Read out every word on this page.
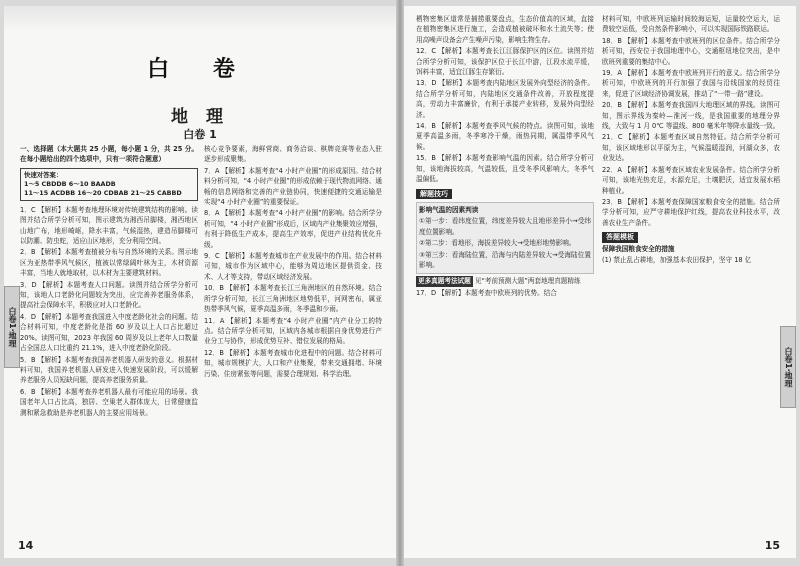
白 卷
地 理
白卷 1

一、选择题（本大题共 25 小题，每小题 1 分，共 25 分。在每小题给出的四个选项中，只有一项符合题意）

快速对答案：
1～5 CBDDB 6～10 BAADB
11～15 ACDBB 16～20 CDBAB 21～25 CABBD

1．C 【解析】本题考查地理环境对传统建筑结构的影响。读图并结合所学分析可知，图示建筑为湘西吊脚楼，湘西地区山地广布，地形崎岖，降水丰富，气候湿热，建造吊脚楼可以防潮、防虫蛇，适应山区地形，充分利用空间。

2．B 【解析】本题考查植被分布与自然环境的关系。图示地区为亚热带季风气候区，植被以常绿阔叶林为主，木材资源丰富，当地人就地取材，以木材为主要建筑材料。

3．D 【解析】本题考查人口问题。读图并结合所学分析可知，该地人口老龄化问题较为突出，应完善养老服务体系，提高社会保障水平，积极应对人口老龄化。

4．D 【解析】本题考查我国进入中度老龄化社会的问题。结合材料可知，中度老龄化是指 60 岁及以上人口占比超过 20%。读图可知，2023 年我国 60 周岁及以上老年人口数量占全国总人口比重约 21.1%，进入中度老龄化阶段。

5．B 【解析】本题考查我国养老机器人研发的意义。根据材料可知，我国养老机器人研发进入快速发展阶段，可以缓解养老服务人员短缺问题，提高养老服务质量。

6．B 【解析】本题考查养老机器人最有可能应用的场景。我国老年人口占比高，独居、空巢老人群体庞大，日常健康监测和紧急救助是养老机器人的主要应用场景。

核心竞争要素，海鲜营商、商务洽谈、棋牌竞赛等业态入驻逐步形成聚集。

7．A 【解析】本题考查“4 小时产业圈”的形成原因。结合材料分析可知，“4 小时产业圈”的形成依赖于现代物流网络、通畅的信息网络和完善的产业链协同，快速便捷的交通运输是实现“4 小时产业圈”的重要保证。

8．A 【解析】本题考查“4 小时产业圈”的影响。结合所学分析可知，“4 小时产业圈”形成后，区域内产业集聚效应增强，有利于降低生产成本，提高生产效率，促进产业结构优化升级。

9．C 【解析】本题考查城市在产业发展中的作用。结合材料可知，城市作为区域中心，能够为周边地区提供资金、技术、人才等支持，带动区域经济发展。

10．B 【解析】本题考查长江三角洲地区的自然环境。结合所学分析可知，长江三角洲地区地势低平，河网密布，属亚热带季风气候，夏季高温多雨，冬季温和少雨。

11．A 【解析】本题考查“4 小时产业圈”内产业分工的特点。结合所学分析可知，区域内各城市根据自身优势进行产业分工与协作，形成优势互补、错位发展的格局。

12．B 【解析】本题考查城市化进程中的问题。结合材料可知，城市规模扩大，人口和产业集聚，带来交通拥堵、环境污染、住房紧张等问题，需要合理规划、科学治理。

白卷1·地理
14

栖物密集区道常是捕捞重要盘点，生态价值高的区域，直接在植物密集区进行施工，会造成植被破坏和水土流失等；使用高噪声设备会产生噪声污染，影响生物生存。

12．C 【解析】本题考查长江江豚保护区的区位。读图并结合所学分析可知，该保护区位于长江中游，江段水流平缓，饵料丰富，适宜江豚生存繁衍。

13．D 【解析】本题考查内陆地区发展外向型经济的条件。结合所学分析可知，内陆地区交通条件改善，开放程度提高，劳动力丰富廉价，有利于承接产业转移，发展外向型经济。

14．B 【解析】本题考查季风气候的特点。读图可知，该地夏季高温多雨，冬季寒冷干燥，雨热同期，属温带季风气候。

15．B 【解析】本题考查影响气温的因素。结合所学分析可知，该地海拔较高，气温较低，且受冬季风影响大，冬季气温偏低。

解题技巧

影响气温的因素判读

①第一步：看纬度位置，纬度差异较大且地形差异小→受纬度位置影响。

②第二步：看地形，海拔差异较大→受地形地势影响。

③第三步：看海陆位置，沿海与内陆差异较大→受海陆位置影响。

更多真题考法试题 见“考前预测大题”两套地理真题精练

17．D 【解析】本题考查中欧班列的优势。结合

材料可知，中欧班列运输时间较海运短，运量较空运大，运费较空运低，受自然条件影响小，可以实现国际铁路联运。

18．B 【解析】本题考查中欧班列的区位条件。结合所学分析可知，西安位于我国地理中心，交通枢纽地位突出，是中欧班列重要的集结中心。

19．A 【解析】本题考查中欧班列开行的意义。结合所学分析可知，中欧班列的开行加强了我国与沿线国家的经贸往来，促进了区域经济协调发展，推动了“一带一路”建设。

20．B 【解析】本题考查我国四大地理区域的界线。读图可知，图示界线为秦岭—淮河一线，是我国重要的地理分界线，大致与 1 月 0℃ 等温线、800 毫米年等降水量线一致。

21．C 【解析】本题考查区域自然特征。结合所学分析可知，该区域地形以平原为主，气候温暖湿润，河湖众多，农业发达。

22．A 【解析】本题考查区域农业发展条件。结合所学分析可知，该地光热充足，水源充足，土壤肥沃，适宜发展水稻种植业。

23．B 【解析】本题考查保障国家粮食安全的措施。结合所学分析可知，应严守耕地保护红线，提高农业科技水平，改善农业生产条件。

答题模板

保障我国粮食安全的措施

(1) 禁止乱占耕地，加强基本农田保护，坚守 18 亿

白卷1·地理
15
